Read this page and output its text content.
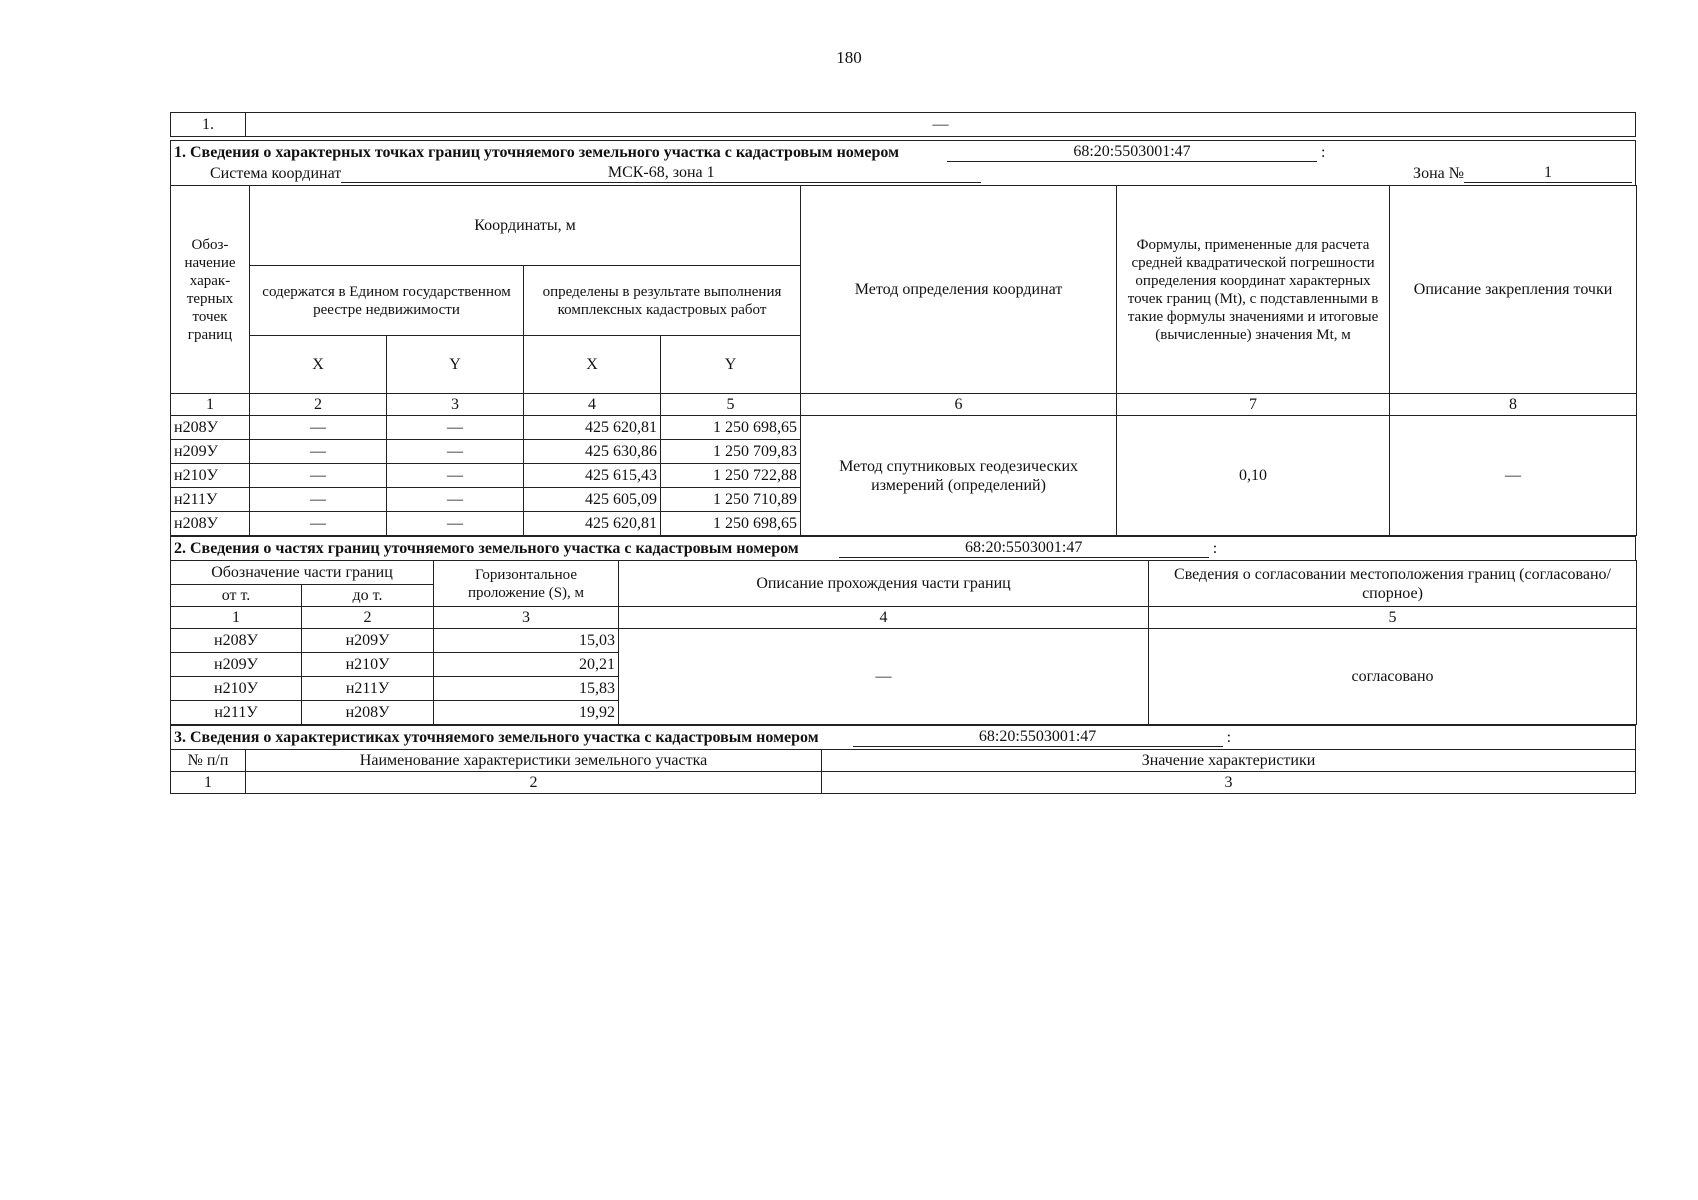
180
1.	—
1. Сведения о характерных точках границ уточняемого земельного участка с кадастровым номером	68:20:5503001:47	:
Система координат	МСК-68, зона 1	Зона №	1
Обоз-начение харак-терных точек границ	Координаты, м				Метод определения координат	Формулы, примененные для расчета средней квадратической погрешности определения координат характерных точек границ (Mt), с подставленными в такие формулы значениями и итоговые (вычисленные) значения Mt, м	Описание закрепления точки
	содержатся в Едином государственном реестре недвижимости		определены в результате выполнения комплексных кадастровых работ				
	X	Y	X	Y			
1	2	3	4	5	6	7	8
н208У	—	—	425 620,81	1 250 698,65	Метод спутниковых геодезических измерений (определений)	0,10	—
н209У	—	—	425 630,86	1 250 709,83			
н210У	—	—	425 615,43	1 250 722,88			
н211У	—	—	425 605,09	1 250 710,89			
н208У	—	—	425 620,81	1 250 698,65			
2. Сведения о частях границ уточняемого земельного участка с кадастровым номером	68:20:5503001:47	:
Обозначение части границ		Горизонтальное проложение (S), м	Описание прохождения части границ	Сведения о согласовании местоположения границ (согласовано/спорное)
от т.	до т.			
1	2	3	4	5
н208У	н209У	15,03	—	согласовано
н209У	н210У	20,21		
н210У	н211У	15,83		
н211У	н208У	19,92		
3. Сведения о характеристиках уточняемого земельного участка с кадастровым номером	68:20:5503001:47	:
№ п/п	Наименование характеристики земельного участка	Значение характеристики
1	2	3
